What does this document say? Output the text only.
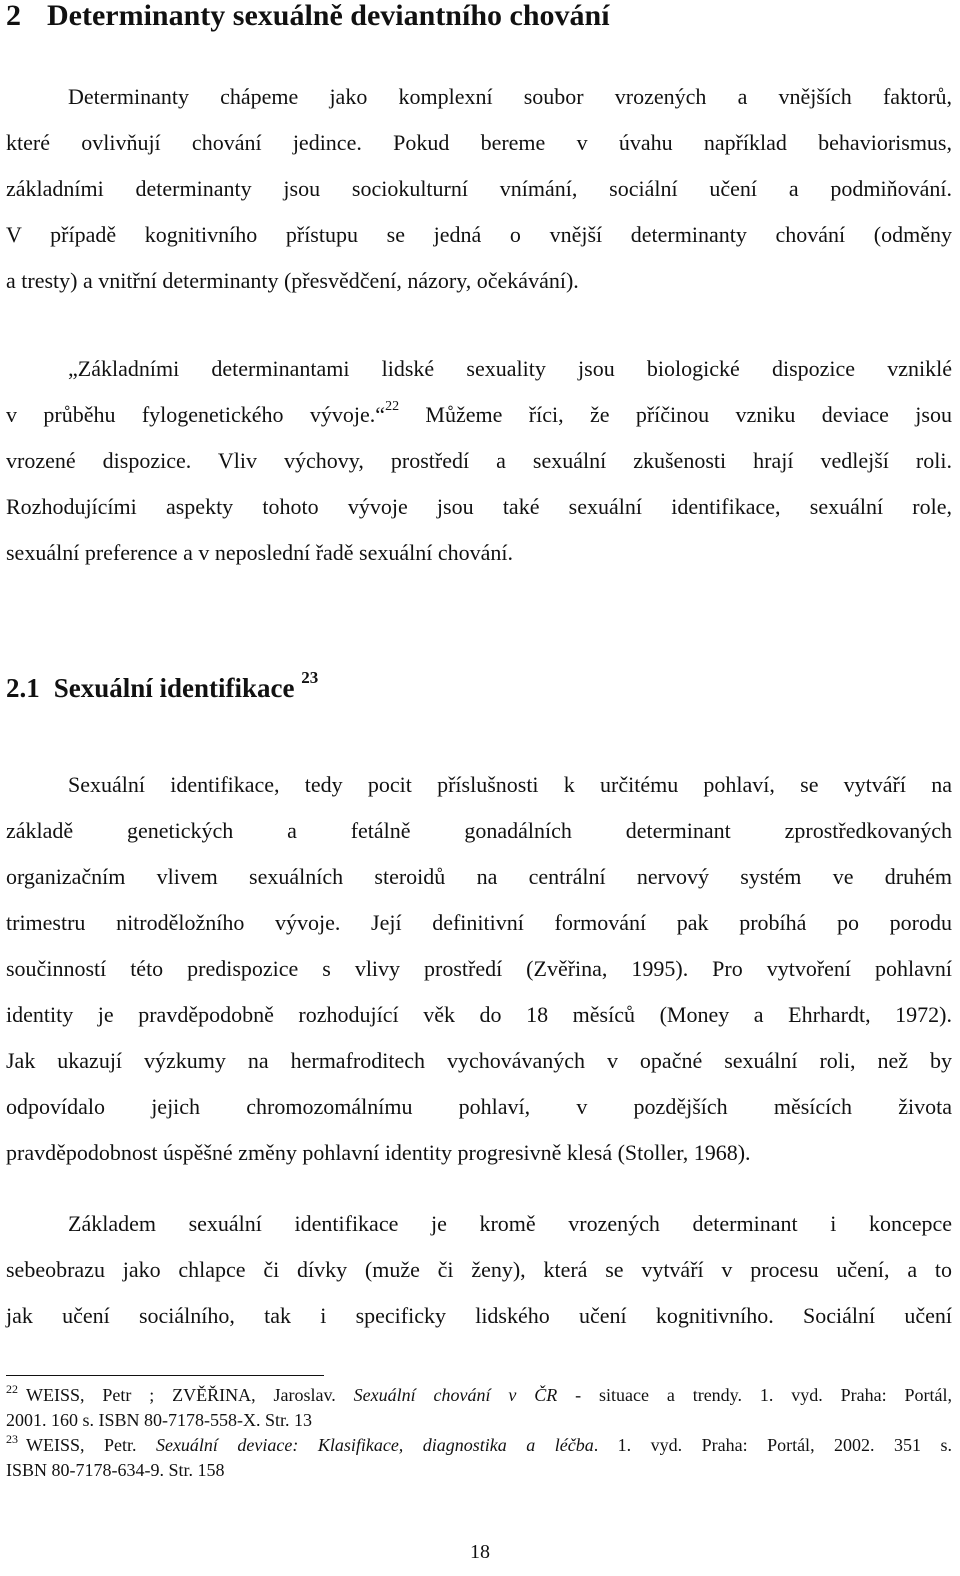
2 Determinanty sexuálně deviantního chování
Determinanty chápeme jako komplexní soubor vrozených a vnějších faktorů,
které ovlivňují chování jedince. Pokud bereme v úvahu například behaviorismus,
základními determinanty jsou sociokulturní vnímání, sociální učení a podmiňování.
V případě kognitivního přístupu se jedná o vnější determinanty chování (odměny
a tresty) a vnitřní determinanty (přesvědčení, názory, očekávání).
„Základními determinantami lidské sexuality jsou biologické dispozice vzniklé
v průběhu fylogenetického vývoje.“$^{22}$ Můžeme říci, že příčinou vzniku deviace jsou
vrozené dispozice. Vliv výchovy, prostředí a sexuální zkušenosti hrají vedlejší roli.
Rozhodujícími aspekty tohoto vývoje jsou také sexuální identifikace, sexuální role,
sexuální preference a v neposlední řadě sexuální chování.
2.1 Sexuální identifikace $^{23}$
Sexuální identifikace, tedy pocit příslušnosti k určitému pohlaví, se vytváří na
základě genetických a fetálně gonadálních determinant zprostředkovaných
organizačním vlivem sexuálních steroidů na centrální nervový systém ve druhém
trimestru nitroděložního vývoje. Její definitivní formování pak probíhá po porodu
součinností této predispozice s vlivy prostředí (Zvěřina, 1995). Pro vytvoření pohlavní
identity je pravděpodobně rozhodující věk do 18 měsíců (Money a Ehrhardt, 1972).
Jak ukazují výzkumy na hermafroditech vychovávaných v opačné sexuální roli, než by
odpovídalo jejich chromozomálnímu pohlaví, v pozdějších měsících života
pravděpodobnost úspěšné změny pohlavní identity progresivně klesá (Stoller, 1968).
Základem sexuální identifikace je kromě vrozených determinant i koncepce
sebeobrazu jako chlapce či dívky (muže či ženy), která se vytváří v procesu učení, a to
jak učení sociálního, tak i specificky lidského učení kognitivního. Sociální učení
$^{22}$ WEISS, Petr ; ZVĚŘINA, Jaroslav. Sexuální chování v ČR - situace a trendy. 1. vyd. Praha: Portál,
2001. 160 s. ISBN 80-7178-558-X. Str. 13
$^{23}$ WEISS, Petr. Sexuální deviace: Klasifikace, diagnostika a léčba. 1. vyd. Praha: Portál, 2002. 351 s.
ISBN 80-7178-634-9. Str. 158
18
